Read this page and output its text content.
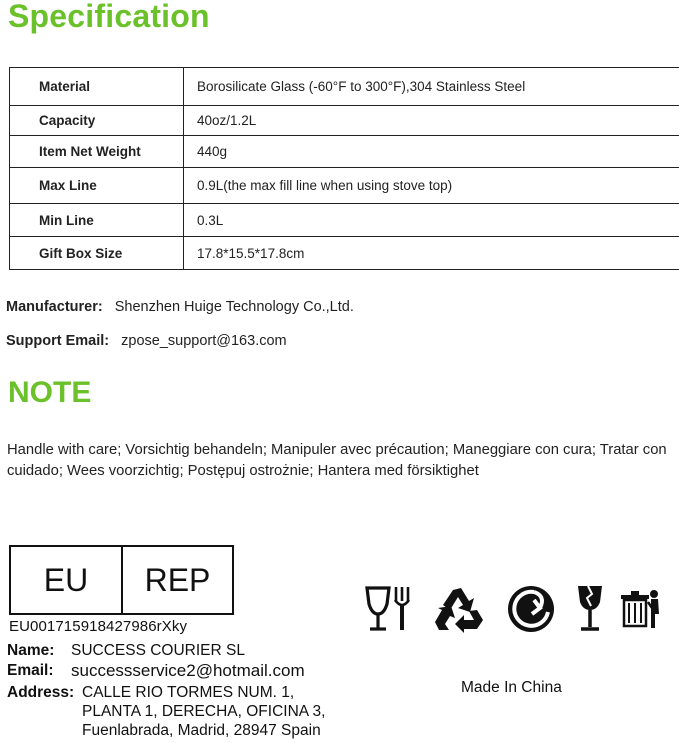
Specification
Material	Borosilicate Glass (-60°F to 300°F),304 Stainless Steel
Capacity	40oz/1.2L
Item Net Weight	440g
Max Line	0.9L(the max fill line when using stove top)
Min Line	0.3L
Gift Box Size	17.8*15.5*17.8cm
Manufacturer: Shenzhen Huige Technology Co.,Ltd.
Support Email: zpose_support@163.com
NOTE
Handle with care; Vorsichtig behandeln; Manipuler avec précaution; Maneggiare con cura; Tratar con cuidado; Wees voorzichtig; Postępuj ostrożnie; Hantera med försiktighet
EU	REP
EU001715918427986rXky
Name: SUCCESS COURIER SL
Email: successservice2@hotmail.com
Address: CALLE RIO TORMES NUM. 1,
PLANTA 1, DERECHA, OFICINA 3,
Fuenlabrada, Madrid, 28947 Spain
Made In China
